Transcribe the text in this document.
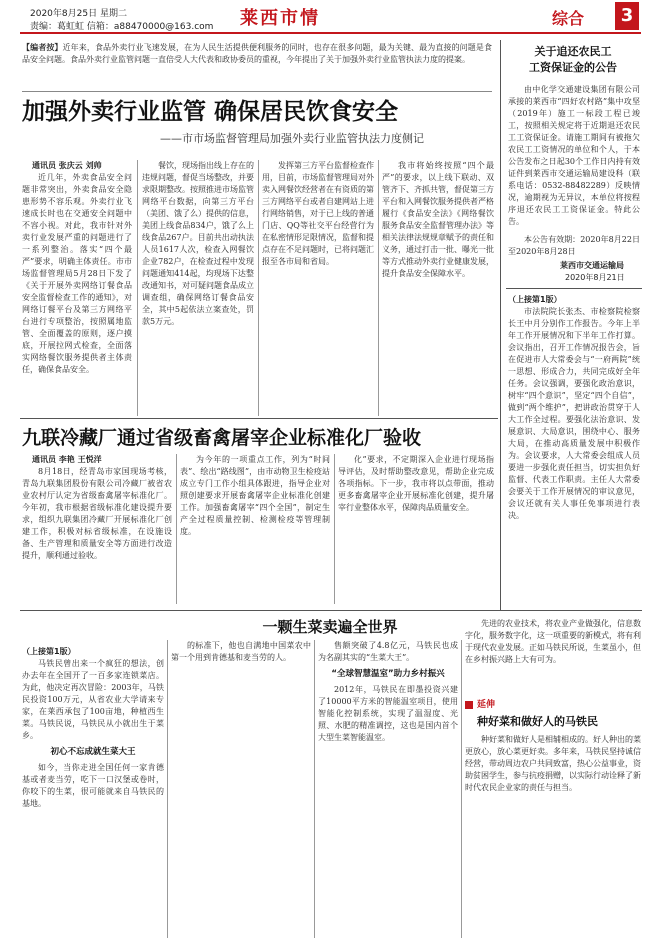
2020年8月25日 星期二
责编：葛虹虹 信箱：a88470000@163.com 莱西市情	综合	3
【编者按】近年来，食品外卖行业飞速发展，在为人民生活提供便利服务的同时，也存在很多问题，最为关键、最为直接的问题是食品安全问题。食品外卖行业监管问题一直倍受人大代表和政协委员的重视，今年提出了关于加强外卖行业监管执法力度的提案。
加强外卖行业监管 确保居民饮食安全
——市市场监督管理局加强外卖行业监管执法力度侧记
通讯员 张庆云 刘帅

近几年，外卖食品安全问题非常突出，外卖食品安全隐患形势不容乐观。外卖行业飞速成长时也在交通安全问题中不容小视。对此，我市针对外卖行业发展严重的问题进行了一系列整治。落实“四个最严”要求，明确主体责任。市市场监督管理局5月28日下发了《关于开展外卖网络订餐食品安全监督检查工作的通知》，对网络订餐平台及第三方网络平台进行专项整治，按照属地监管、全面覆盖的原则，逐户摸底，开展拉网式检查，全面落实网络餐饮服务提供者主体责任，确保食品安全。

餐饮，现场指出线上存在的违规问题，督促当场整改，并要求限期整改。按照推进市场监管网络平台数据，向第三方平台（美团、饿了么）提供的信息，美团上线食品834户，饿了么上线食品267户。目前共出动执法人员1617人次，检查入网餐饮企业782户，在检查过程中发现问题通知414起，均现场下达整改通知书，对可疑问题食品成立调查组，确保网络订餐食品安全，其中5起依法立案查处，罚款5万元。

发挥第三方平台监督检查作用，目前，市场监督管理局对外卖入网餐饮经营者在有资质的第三方网络平台或者自建网站上进行网络销售，对于已上线的普通门店、QQ等社交平台经营行为在私密情形足限情况，监督和提点存在不足问题时，已将问题汇报至各市局和省局。

我市将始终按照“四个最严”的要求，以上线下联动、双管齐下、齐抓共管，督促第三方平台和入网餐饮服务提供者严格履行《食品安全法》《网络餐饮服务食品安全监督管理办法》等相关法律法规规章赋予的责任和义务，通过打击一批、曝光一批等方式推动外卖行业健康发展，提升食品安全保障水平。

关于追还农民工
工资保证金的公告

由中化学交通建设集团有限公司承接的莱西市“四好农村路”集中攻坚（2019年）施工一标段工程已竣工，按照相关规定将于近期退还农民工工资保证金。请施工期间有被拖欠农民工工资情况的单位和个人，于本公告发布之日起30个工作日内持有效证件到莱西市交通运输局建设科（联系电话：0532-88482289）反映情况，逾期视为无异议，本单位将按程序退还农民工工资保证金。特此公告。

本公告有效期：2020年8月22日至2020年8月28日
莱西市交通运输局
2020年8月21日
（上接第1版）

市法院院长张杰、市检察院检察长王中月分别作工作报告。今年上半年工作开展情况和下半年工作打算。会议指出，召开工作情况报告会，旨在促进市人大常委会与“一府两院”统一思想、形成合力，共同完成好全年任务。会议强调，要强化政治意识，树牢“四个意识”，坚定“四个自信”，做到“两个维护”，把讲政治贯穿于人大工作全过程。要强化法治意识、发展意识、大局意识，围绕中心、服务大局，在推动高质量发展中积极作为。会议要求，人大常委会组成人员要进一步强化责任担当，切实担负好监督、代表工作职责。主任人大常委会要关于工作开展情况的审议意见，会议还就有关人事任免事项进行表决。

九联冷藏厂通过省级畜禽屠宰企业标准化厂验收
通讯员 李艳 王悦洋

8月18日，经青岛市家国现场考核，青岛九联集团股份有限公司冷藏厂被省农业农村厅认定为省级畜禽屠宰标准化厂。今年初，我市根据省级标准化建设提升要求，组织九联集团冷藏厂开展标准化厂创建工作，积极对标省级标准，在设施设备、生产管理和质量安全等方面进行改造提升，顺利通过验收。

为今年的一项重点工作，列为“时间表”、绘出“路线图”，由市动物卫生检疫站成立专门工作小组具体跟进，指导企业对照创建要求开展畜禽屠宰企业标准化创建工作。加强畜禽屠宰“四个全国”，制定生产全过程质量控制、检测检疫等管理制度。

化”要求，不定期深入企业进行现场指导评估，及时帮助整改意见，帮助企业完成各项指标。下一步，我市将以点带面，推动更多畜禽屠宰企业开展标准化创建，提升屠宰行业整体水平，保障肉品质量安全。

一颗生菜卖遍全世界
（上接第1版）

马铁民曾出来一个疯狂的想法，创办去年在全国开了一百多家连锁菜店。为此，他决定再次冒险：2003年，马铁民投资100万元，从省农业大学请来专家，在莱西承包了100亩地，种植西生菜。马铁民说，马铁民从小就出生于菜乡。

初心不忘成就生菜大王

如今，当你走进全国任何一家肯德基或者麦当劳，吃下一口汉堡或卷时，你咬下的生菜，很可能就来自马铁民的基地。

的标准下，他也自满地中国菜农中第一个用到肯德基和麦当劳的人。

售额突破了4.8亿元，马铁民也成为名副其实的“生菜大王”。

“全球智慧温室”助力乡村振兴

2012年，马铁民在即墨投资兴建了10000平方米的智能温室项目，使用智能化控制系统，实现了温湿度、光照、水肥的精准调控，这也是国内首个大型生菜智能温室。

先进的农业技术，将农业产业做强化，信息数字化，服务数字化，这一项重要的新模式，将有利于现代农业发展。正如马铁民所说，生菜虽小，但在乡村振兴路上大有可为。

延伸
种好菜和做好人的马铁民

种好菜和做好人是相辅相成的。好人种出的菜更放心，放心菜更好卖。多年来，马铁民坚持诚信经营，带动周边农户共同致富，热心公益事业，资助贫困学生，参与抗疫捐赠，以实际行动诠释了新时代农民企业家的责任与担当。
